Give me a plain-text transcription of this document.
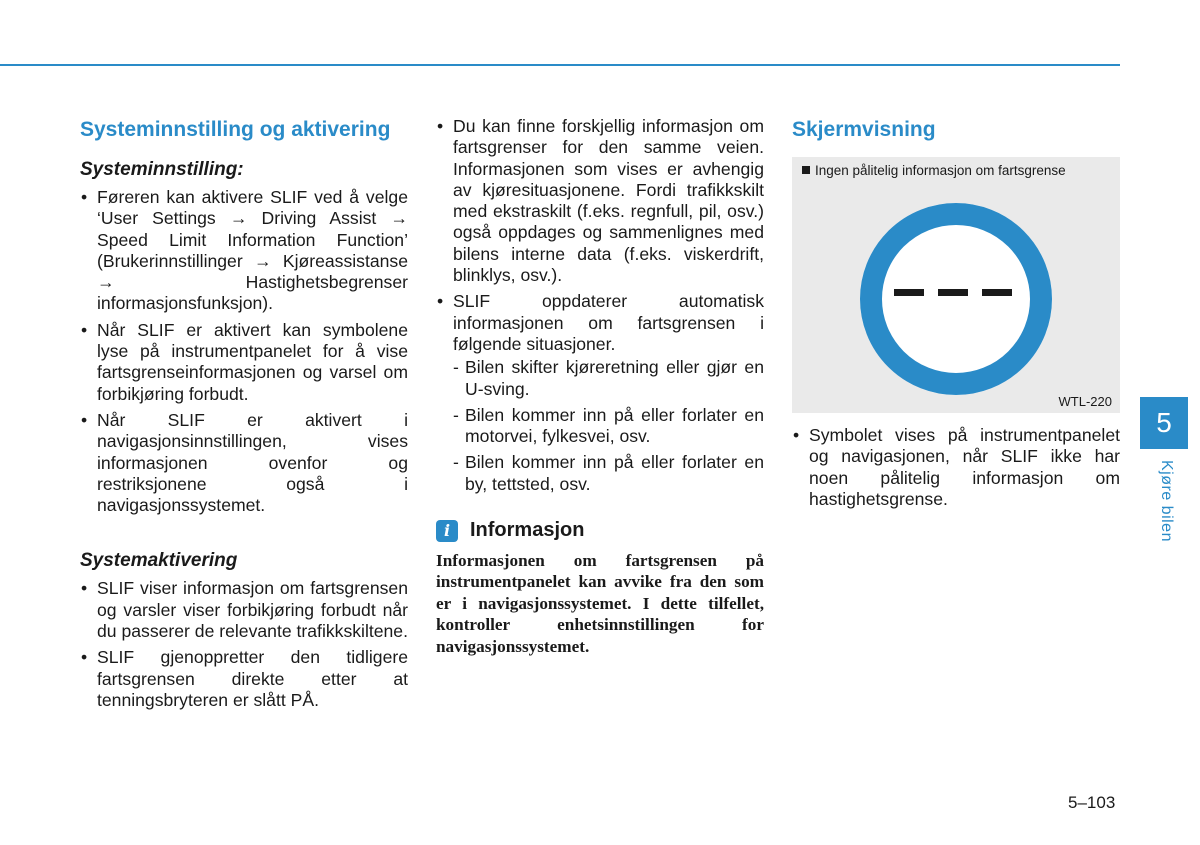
Systeminnstilling og aktivering
Systeminnstilling:
• Føreren kan aktivere SLIF ved å velge ‘User Settings → Driving Assist → Speed Limit Information Function’ (Brukerinnstillinger → Kjøreassistanse → Hastighetsbegrenser informasjonsfunksjon).
• Når SLIF er aktivert kan symbolene lyse på instrumentpanelet for å vise fartsgrenseinformasjonen og varsel om forbikjøring forbudt.
• Når SLIF er aktivert i navigasjonsinnstillingen, vises informasjonen ovenfor og restriksjonene også i navigasjonssystemet.
Systemaktivering
• SLIF viser informasjon om fartsgrensen og varsler viser forbikjøring forbudt når du passerer de relevante trafikkskiltene.
• SLIF gjenoppretter den tidligere fartsgrensen direkte etter at tenningsbryteren er slått PÅ.
• Du kan finne forskjellig informasjon om fartsgrenser for den samme veien. Informasjonen som vises er avhengig av kjøresituasjonene. Fordi trafikkskilt med ekstraskilt (f.eks. regnfull, pil, osv.) også oppdages og sammenlignes med bilens interne data (f.eks. viskerdrift, blinklys, osv.).
• SLIF oppdaterer automatisk informasjonen om fartsgrensen i følgende situasjoner.
- Bilen skifter kjøreretning eller gjør en U-sving.
- Bilen kommer inn på eller forlater en motorvei, fylkesvei, osv.
- Bilen kommer inn på eller forlater en by, tettsted, osv.
i Informasjon
Informasjonen om fartsgrensen på instrumentpanelet kan avvike fra den som er i navigasjonssystemet. I dette tilfellet, kontroller enhetsinnstillingen for navigasjonssystemet.
Skjermvisning
Ingen pålitelig informasjon om fartsgrense
WTL-220
• Symbolet vises på instrumentpanelet og navigasjonen, når SLIF ikke har noen pålitelig informasjon om hastighetsgrense.
5
Kjøre bilen
5–103
